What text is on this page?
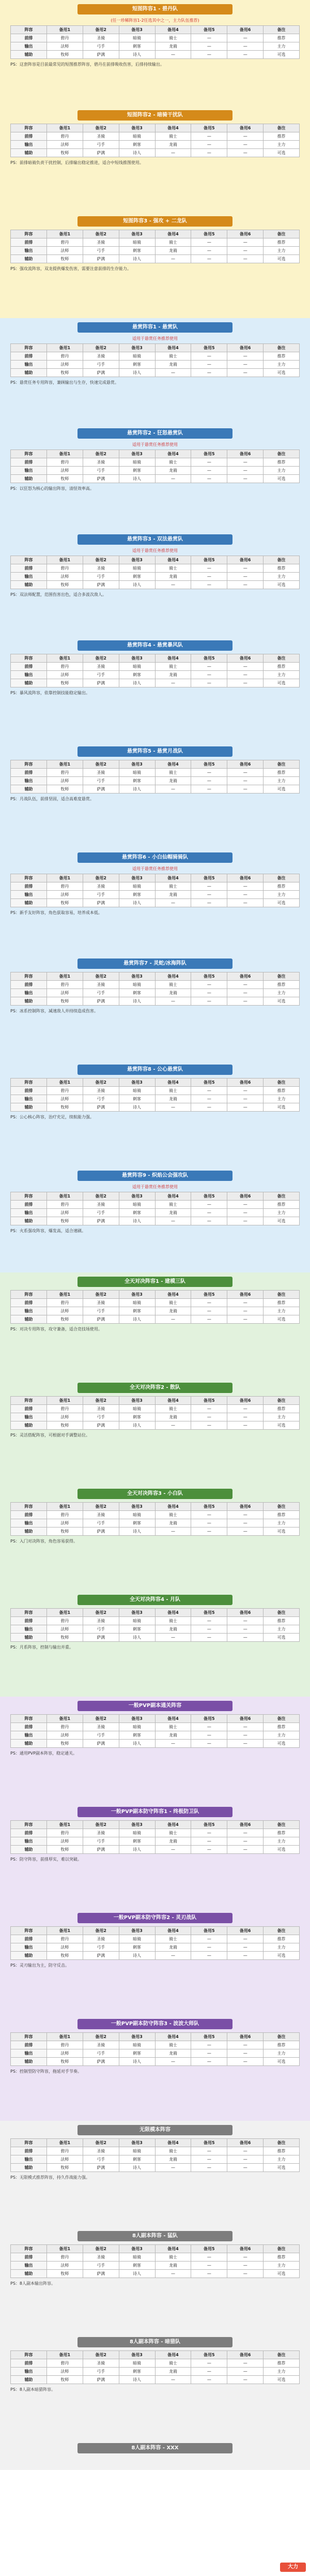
8人副本阵容 - XXX
8人副本阵容 - 暗猎队
阵容	备用1	备用2	备用3	备用4	备用5	备用6	备注
前排	碧丹	圣骑	暗骑	骑士	—	—	推荐
输出	法师	弓手	刺客	龙骑	—	—	主力
辅助	牧师	萨满	诗人	—	—	—	可选
PS：8人副本暗猎阵容。
8人副本阵容 - 猛队
阵容	备用1	备用2	备用3	备用4	备用5	备用6	备注
前排	碧丹	圣骑	暗骑	骑士	—	—	推荐
输出	法师	弓手	刺客	龙骑	—	—	主力
辅助	牧师	萨满	诗人	—	—	—	可选
PS：8人副本输出阵容。
无限模本阵容
阵容	备用1	备用2	备用3	备用4	备用5	备用6	备注
前排	碧丹	圣骑	暗骑	骑士	—	—	推荐
输出	法师	弓手	刺客	龙骑	—	—	主力
辅助	牧师	萨满	诗人	—	—	—	可选
PS：无限模式推荐阵容，持久作战能力强。
一般PVP副本防守阵容3 - 波波大师队
阵容	备用1	备用2	备用3	备用4	备用5	备用6	备注
前排	碧丹	圣骑	暗骑	骑士	—	—	推荐
输出	法师	弓手	刺客	龙骑	—	—	主力
辅助	牧师	萨满	诗人	—	—	—	可选
PS：控制型防守阵容，拖延对手节奏。
一般PVP副本防守阵容2 - 灵刃战队
阵容	备用1	备用2	备用3	备用4	备用5	备用6	备注
前排	碧丹	圣骑	暗骑	骑士	—	—	推荐
输出	法师	弓手	刺客	龙骑	—	—	主力
辅助	牧师	萨满	诗人	—	—	—	可选
PS：灵刃输出为主，防守反击。
一般PVP副本防守阵容1 - 终极防卫队
阵容	备用1	备用2	备用3	备用4	备用5	备用6	备注
前排	碧丹	圣骑	暗骑	骑士	—	—	推荐
输出	法师	弓手	刺客	龙骑	—	—	主力
辅助	牧师	萨满	诗人	—	—	—	可选
PS：防守阵容，前排厚实，难以突破。
一般PVP副本通关阵容
阵容	备用1	备用2	备用3	备用4	备用5	备用6	备注
前排	碧丹	圣骑	暗骑	骑士	—	—	推荐
输出	法师	弓手	刺客	龙骑	—	—	主力
辅助	牧师	萨满	诗人	—	—	—	可选
PS：通用PVP副本阵容，稳定通关。
全天对决阵容4 - 月队
阵容	备用1	备用2	备用3	备用4	备用5	备用6	备注
前排	碧丹	圣骑	暗骑	骑士	—	—	推荐
输出	法师	弓手	刺客	龙骑	—	—	主力
辅助	牧师	萨满	诗人	—	—	—	可选
PS：月系阵容，控制与输出并重。
全天对决阵容3 - 小白队
阵容	备用1	备用2	备用3	备用4	备用5	备用6	备注
前排	碧丹	圣骑	暗骑	骑士	—	—	推荐
输出	法师	弓手	刺客	龙骑	—	—	主力
辅助	牧师	萨满	诗人	—	—	—	可选
PS：入门对决阵容，角色容易获得。
全天对决阵容2 - 散队
阵容	备用1	备用2	备用3	备用4	备用5	备用6	备注
前排	碧丹	圣骑	暗骑	骑士	—	—	推荐
输出	法师	弓手	刺客	龙骑	—	—	主力
辅助	牧师	萨满	诗人	—	—	—	可选
PS：灵活搭配阵容，可根据对手调整站位。
全天对决阵容1 - 建模三队
阵容	备用1	备用2	备用3	备用4	备用5	备用6	备注
前排	碧丹	圣骑	暗骑	骑士	—	—	推荐
输出	法师	弓手	刺客	龙骑	—	—	主力
辅助	牧师	萨满	诗人	—	—	—	可选
PS：对决专用阵容，攻守兼备，适合竞技场使用。
悬赏阵容9 - 炽焰公会强攻队
适用于悬赏任务推荐使用
阵容	备用1	备用2	备用3	备用4	备用5	备用6	备注
前排	碧丹	圣骑	暗骑	骑士	—	—	推荐
输出	法师	弓手	刺客	龙骑	—	—	主力
辅助	牧师	萨满	诗人	—	—	—	可选
PS：火系强攻阵容，爆发高，适合速刷。
悬赏阵容8 - 公心悬赏队
阵容	备用1	备用2	备用3	备用4	备用5	备用6	备注
前排	碧丹	圣骑	暗骑	骑士	—	—	推荐
输出	法师	弓手	刺客	龙骑	—	—	主力
辅助	牧师	萨满	诗人	—	—	—	可选
PS：公心核心阵容，治疗充足，续航能力强。
悬赏阵容7 - 灵蛇/冰海阵队
阵容	备用1	备用2	备用3	备用4	备用5	备用6	备注
前排	碧丹	圣骑	暗骑	骑士	—	—	推荐
输出	法师	弓手	刺客	龙骑	—	—	主力
辅助	牧师	萨满	诗人	—	—	—	可选
PS：冰系控制阵容，减速敌人并持续造成伤害。
悬赏阵容6 - 小白仙帽骑骑队
适用于悬赏任务推荐使用
阵容	备用1	备用2	备用3	备用4	备用5	备用6	备注
前排	碧丹	圣骑	暗骑	骑士	—	—	推荐
输出	法师	弓手	刺客	龙骑	—	—	主力
辅助	牧师	萨满	诗人	—	—	—	可选
PS：新手友好阵容，角色获取容易，培养成本低。
悬赏阵容5 - 悬赏月战队
阵容	备用1	备用2	备用3	备用4	备用5	备用6	备注
前排	碧丹	圣骑	暗骑	骑士	—	—	推荐
输出	法师	弓手	刺客	龙骑	—	—	主力
辅助	牧师	萨满	诗人	—	—	—	可选
PS：月战队伍，前排坚固，适合高难度悬赏。
悬赏阵容4 - 悬赏暴风队
阵容	备用1	备用2	备用3	备用4	备用5	备用6	备注
前排	碧丹	圣骑	暗骑	骑士	—	—	推荐
输出	法师	弓手	刺客	龙骑	—	—	主力
辅助	牧师	萨满	诗人	—	—	—	可选
PS：暴风流阵容，依靠控制技能稳定输出。
悬赏阵容3 - 双法悬赏队
适用于悬赏任务推荐使用
阵容	备用1	备用2	备用3	备用4	备用5	备用6	备注
前排	碧丹	圣骑	暗骑	骑士	—	—	推荐
输出	法师	弓手	刺客	龙骑	—	—	主力
辅助	牧师	萨满	诗人	—	—	—	可选
PS：双法师配置，范围伤害出色，适合多波次敌人。
悬赏阵容2 - 狂怒悬赏队
适用于悬赏任务推荐使用
阵容	备用1	备用2	备用3	备用4	备用5	备用6	备注
前排	碧丹	圣骑	暗骑	骑士	—	—	推荐
输出	法师	弓手	刺客	龙骑	—	—	主力
辅助	牧师	萨满	诗人	—	—	—	可选
PS：以狂怒为核心的输出阵容，清怪效率高。
悬赏阵容1 - 悬赏队
适用于悬赏任务推荐使用
阵容	备用1	备用2	备用3	备用4	备用5	备用6	备注
前排	碧丹	圣骑	暗骑	骑士	—	—	推荐
输出	法师	弓手	刺客	龙骑	—	—	主力
辅助	牧师	萨满	诗人	—	—	—	可选
PS：悬赏任务专用阵容，兼顾输出与生存，快速完成悬赏。
短图阵容3 - 强攻 + 二龙队
阵容	备用1	备用2	备用3	备用4	备用5	备用6	备注
前排	碧丹	圣骑	暗骑	骑士	—	—	推荐
输出	法师	弓手	刺客	龙骑	—	—	主力
辅助	牧师	萨满	诗人	—	—	—	可选
PS：强攻流阵容，双龙提供爆发伤害，需要注意前排的生存能力。
短图阵容2 - 暗骑干扰队
阵容	备用1	备用2	备用3	备用4	备用5	备用6	备注
前排	碧丹	圣骑	暗骑	骑士	—	—	推荐
输出	法师	弓手	刺客	龙骑	—	—	主力
辅助	牧师	萨满	诗人	—	—	—	可选
PS：前排暗骑负责干扰控制，后排输出稳定推进，适合中短线推图使用。
短图阵容1 - 碧丹队
(任一珍稀阵容1-2任选其中之一，主力队伍推荐)
阵容	备用1	备用2	备用3	备用4	备用5	备用6	备注
前排	碧丹	圣骑	暗骑	骑士	—	—	推荐
输出	法师	弓手	刺客	龙骑	—	—	主力
辅助	牧师	萨满	诗人	—	—	—	可选
PS：这套阵容是目前最常见的短图推荐阵容，碧丹在前排吸收伤害，后排持续输出。
大力
